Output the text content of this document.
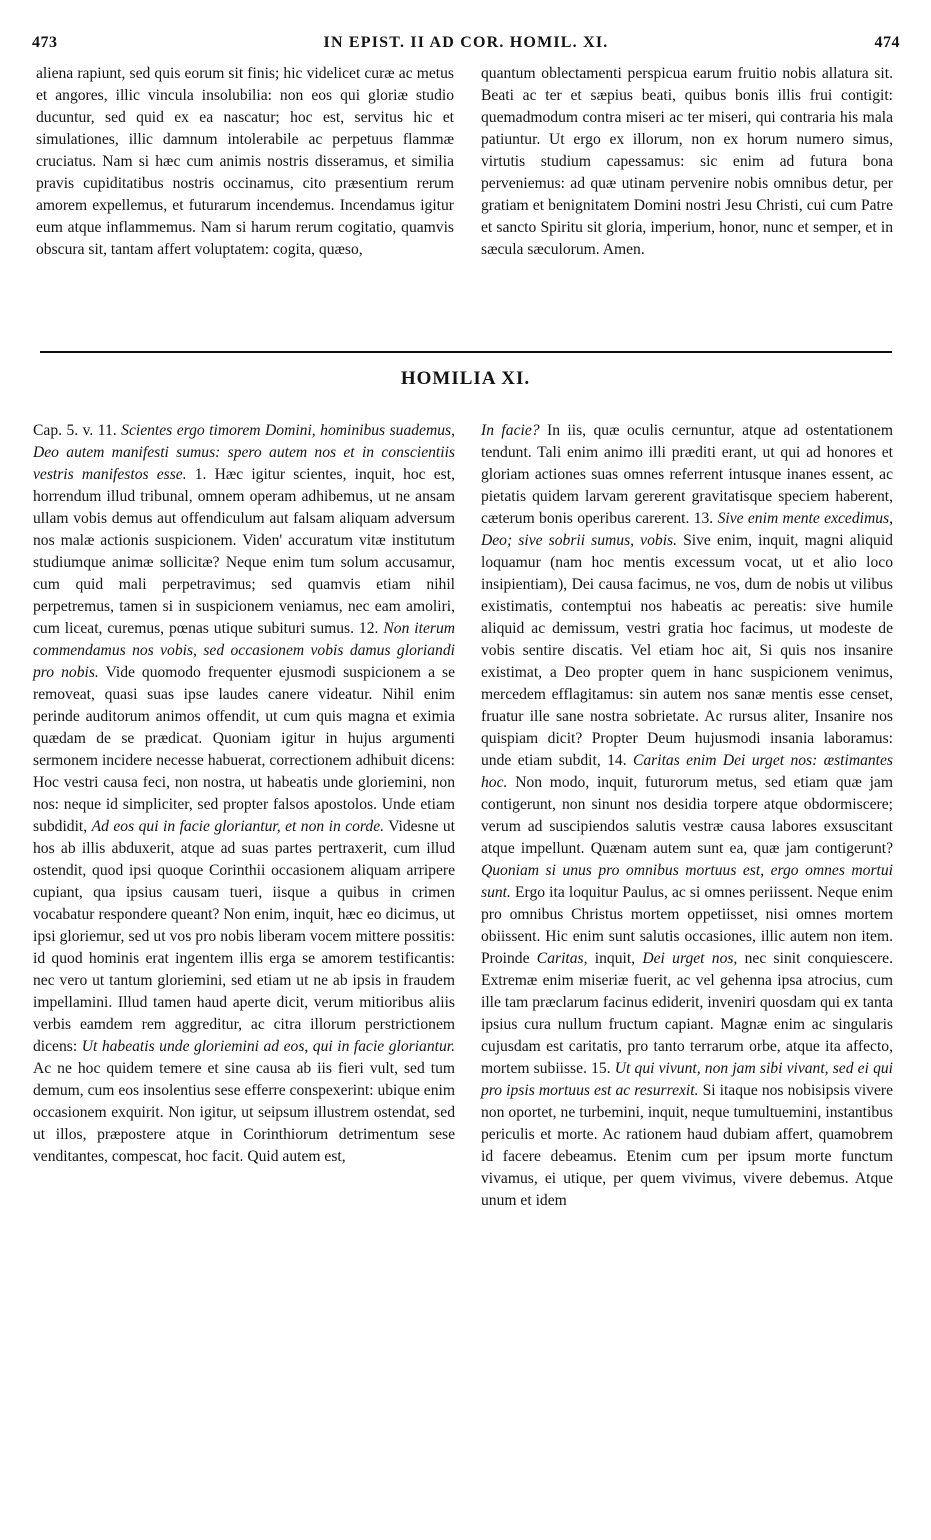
473	IN EPIST. II AD COR. HOMIL. XI.	474

aliena rapiunt, sed quis eorum sit finis; hic videlicet curæ ac metus et angores, illic vincula insolubilia: non eos qui gloriæ studio ducuntur, sed quid ex ea nascatur; hoc est, servitus hic et simulationes, illic damnum intolerabile ac perpetuus flammæ cruciatus. Nam si hæc cum animis nostris disseramus, et similia pravis cupiditatibus nostris occinamus, cito præsentium rerum amorem expellemus, et futurarum incendemus. Incendamus igitur eum atque inflammemus. Nam si harum rerum cogitatio, quamvis obscura sit, tantam affert voluptatem: cogita, quæso,

quantum oblectamenti perspicua earum fruitio nobis allatura sit. Beati ac ter et sæpius beati, quibus bonis illis frui contigit: quemadmodum contra miseri ac ter miseri, qui contraria his mala patiuntur. Ut ergo ex illorum, non ex horum numero simus, virtutis studium capessamus: sic enim ad futura bona perveniemus: ad quæ utinam pervenire nobis omnibus detur, per gratiam et benignitatem Domini nostri Jesu Christi, cui cum Patre et sancto Spiritu sit gloria, imperium, honor, nunc et semper, et in sæcula sæculorum. Amen.

HOMILIA XI.

Cap. 5. v. 11. Scientes ergo timorem Domini, hominibus suademus, Deo autem manifesti sumus: spero autem nos et in conscientiis vestris manifestos esse. 1. Hæc igitur scientes, inquit, hoc est, horrendum illud tribunal, omnem operam adhibemus, ut ne ansam ullam vobis demus aut offendiculum aut falsam aliquam adversum nos malæ actionis suspicionem. Viden' accuratum vitæ institutum studiumque animæ sollicitæ? Neque enim tum solum accusamur, cum quid mali perpetravimus; sed quamvis etiam nihil perpetremus, tamen si in suspicionem veniamus, nec eam amoliri, cum liceat, curemus, pœnas utique subituri sumus. 12. Non iterum commendamus nos vobis, sed occasionem vobis damus gloriandi pro nobis. Vide quomodo frequenter ejusmodi suspicionem a se removeat, quasi suas ipse laudes canere videatur. Nihil enim perinde auditorum animos offendit, ut cum quis magna et eximia quædam de se prædicat. Quoniam igitur in hujus argumenti sermonem incidere necesse habuerat, correctionem adhibuit dicens: Hoc vestri causa feci, non nostra, ut habeatis unde gloriemini, non nos: neque id simpliciter, sed propter falsos apostolos. Unde etiam subdidit, Ad eos qui in facie gloriantur, et non in corde. Videsne ut hos ab illis abduxerit, atque ad suas partes pertraxerit, cum illud ostendit, quod ipsi quoque Corinthii occasionem aliquam arripere cupiant, qua ipsius causam tueri, iisque a quibus in crimen vocabatur respondere queant? Non enim, inquit, hæc eo dicimus, ut ipsi gloriemur, sed ut vos pro nobis liberam vocem mittere possitis: id quod hominis erat ingentem illis erga se amorem testificantis: nec vero ut tantum gloriemini, sed etiam ut ne ab ipsis in fraudem impellamini. Illud tamen haud aperte dicit, verum mitioribus aliis verbis eamdem rem aggreditur, ac citra illorum perstrictionem dicens: Ut habeatis unde gloriemini ad eos, qui in facie gloriantur. Ac ne hoc quidem temere et sine causa ab iis fieri vult, sed tum demum, cum eos insolentius sese efferre conspexerint: ubique enim occasionem exquirit. Non igitur, ut seipsum illustrem ostendat, sed ut illos, præpostere atque in Corinthiorum detrimentum sese venditantes, compescat, hoc facit. Quid autem est,

In facie? In iis, quæ oculis cernuntur, atque ad ostentationem tendunt. Tali enim animo illi præditi erant, ut qui ad honores et gloriam actiones suas omnes referrent intusque inanes essent, ac pietatis quidem larvam gererent gravitatisque speciem haberent, cæterum bonis operibus carerent. 13. Sive enim mente excedimus, Deo; sive sobrii sumus, vobis. Sive enim, inquit, magni aliquid loquamur (nam hoc mentis excessum vocat, ut et alio loco insipientiam), Dei causa facimus, ne vos, dum de nobis ut vilibus existimatis, contemptui nos habeatis ac pereatis: sive humile aliquid ac demissum, vestri gratia hoc facimus, ut modeste de vobis sentire discatis. Vel etiam hoc ait, Si quis nos insanire existimat, a Deo propter quem in hanc suspicionem venimus, mercedem efflagitamus: sin autem nos sanæ mentis esse censet, fruatur ille sane nostra sobrietate. Ac rursus aliter, Insanire nos quispiam dicit? Propter Deum hujusmodi insania laboramus: unde etiam subdit, 14. Caritas enim Dei urget nos: æstimantes hoc. Non modo, inquit, futurorum metus, sed etiam quæ jam contigerunt, non sinunt nos desidia torpere atque obdormiscere; verum ad suscipiendos salutis vestræ causa labores exsuscitant atque impellunt. Quænam autem sunt ea, quæ jam contigerunt? Quoniam si unus pro omnibus mortuus est, ergo omnes mortui sunt. Ergo ita loquitur Paulus, ac si omnes periissent. Neque enim pro omnibus Christus mortem oppetiisset, nisi omnes mortem obiissent. Hic enim sunt salutis occasiones, illic autem non item. Proinde Caritas, inquit, Dei urget nos, nec sinit conquiescere. Extremæ enim miseriæ fuerit, ac vel gehenna ipsa atrocius, cum ille tam præclarum facinus ediderit, inveniri quosdam qui ex tanta ipsius cura nullum fructum capiant. Magnæ enim ac singularis cujusdam est caritatis, pro tanto terrarum orbe, atque ita affecto, mortem subiisse. 15. Ut qui vivunt, non jam sibi vivant, sed ei qui pro ipsis mortuus est ac resurrexit. Si itaque nos nobisipsis vivere non oportet, ne turbemini, inquit, neque tumultuemini, instantibus periculis et morte. Ac rationem haud dubiam affert, quamobrem id facere debeamus. Etenim cum per ipsum morte functum vivamus, ei utique, per quem vivimus, vivere debemus. Atque unum et idem
